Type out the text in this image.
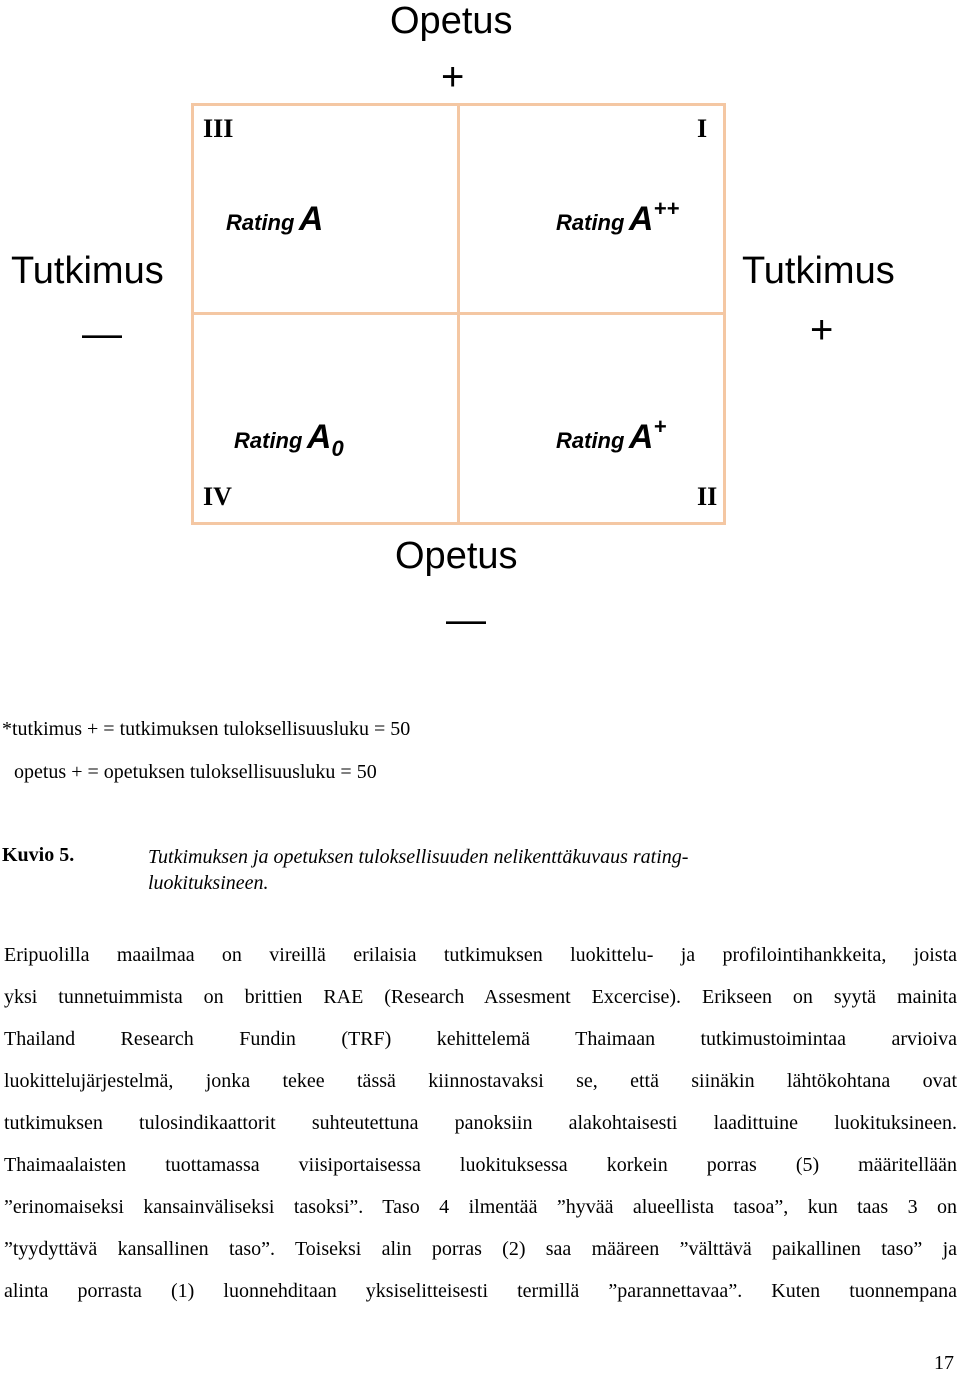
Opetus
+
III	I
IV	II
Rating A	Rating A++
Rating $A_0$	Rating A+
Tutkimus
—
Tutkimus
+
Opetus
—
*tutkimus + = tutkimuksen tuloksellisuusluku = 50
opetus + = opetuksen tuloksellisuusluku = 50
Kuvio 5.	Tutkimuksen ja opetuksen tuloksellisuuden nelikenttäkuvaus rating-
luokituksineen.
Eripuolilla maailmaa on vireillä erilaisia tutkimuksen luokittelu- ja profilointihankkeita, joista
yksi tunnetuimmista on brittien RAE (Research Assesment Excercise). Erikseen on syytä mainita
Thailand Research Fundin (TRF) kehittelemä Thaimaan tutkimustoimintaa arvioiva
luokittelujärjestelmä, jonka tekee tässä kiinnostavaksi se, että siinäkin lähtökohtana ovat
tutkimuksen tulosindikaattorit suhteutettuna panoksiin alakohtaisesti laadittuine luokituksineen.
Thaimaalaisten tuottamassa viisiportaisessa luokituksessa korkein porras (5) määritellään
”erinomaiseksi kansainväliseksi tasoksi”. Taso 4 ilmentää ”hyvää alueellista tasoa”, kun taas 3 on
”tyydyttävä kansallinen taso”. Toiseksi alin porras (2) saa määreen ”välttävä paikallinen taso” ja
alinta porrasta (1) luonnehditaan yksiselitteisesti termillä ”parannettavaa”. Kuten tuonnempana
17
